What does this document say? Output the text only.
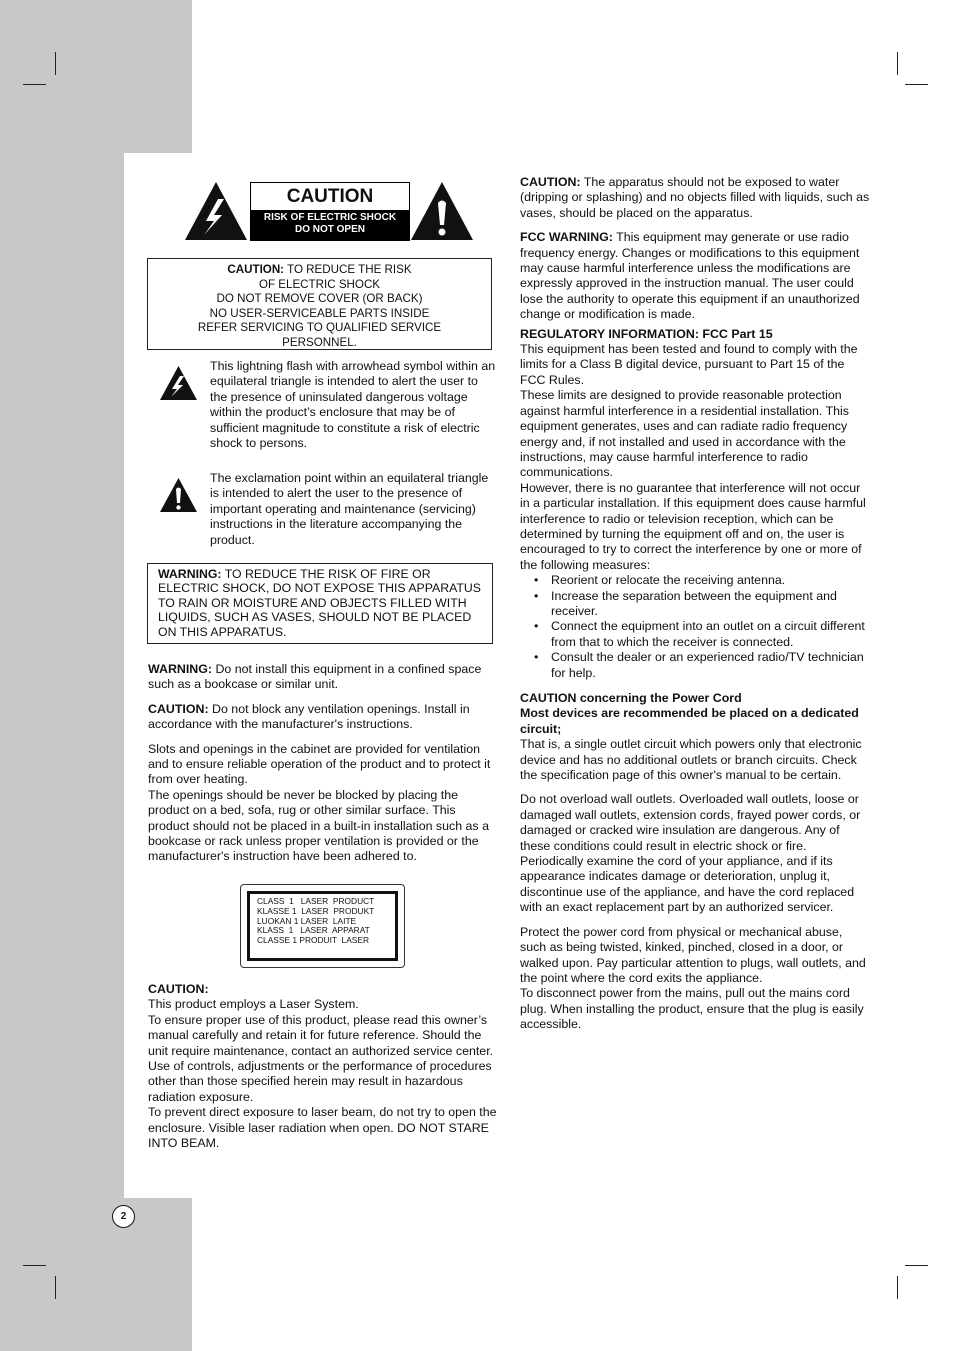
CAUTION
RISK OF ELECTRIC SHOCK
DO NOT OPEN
CAUTION: TO REDUCE THE RISK
OF ELECTRIC SHOCK
DO NOT REMOVE COVER (OR BACK)
NO USER-SERVICEABLE PARTS INSIDE
REFER SERVICING TO QUALIFIED SERVICE
PERSONNEL.

This lightning flash with arrowhead symbol within an equilateral triangle is intended to alert the user to the presence of uninsulated dangerous voltage within the product’s enclosure that may be of sufficient magnitude to constitute a risk of electric shock to persons.

The exclamation point within an equilateral triangle is intended to alert the user to the presence of important operating and maintenance (servicing) instructions in the literature accompanying the product.

WARNING: TO REDUCE THE RISK OF FIRE OR ELECTRIC SHOCK, DO NOT EXPOSE THIS APPARATUS TO RAIN OR MOISTURE AND OBJECTS FILLED WITH LIQUIDS, SUCH AS VASES, SHOULD NOT BE PLACED ON THIS APPARATUS.

WARNING: Do not install this equipment in a confined space such as a bookcase or similar unit.

CAUTION: Do not block any ventilation openings. Install in accordance with the manufacturer's instructions.

Slots and openings in the cabinet are provided for ventilation and to ensure reliable operation of the product and to protect it from over heating.

The openings should be never be blocked by placing the product on a bed, sofa, rug or other similar surface. This product should not be placed in a built-in installation such as a bookcase or rack unless proper ventilation is provided or the manufacturer's instruction have been adhered to.

CLASS  1   LASER  PRODUCT
KLASSE 1  LASER  PRODUKT
LUOKAN 1 LASER  LAITE
KLASS  1   LASER  APPARAT
CLASSE 1 PRODUIT  LASER

CAUTION:

This product employs a Laser System.

To ensure proper use of this product, please read this owner’s manual carefully and retain it for future reference. Should the unit require maintenance, contact an authorized service center.

Use of controls, adjustments or the performance of procedures other than those specified herein may result in hazardous radiation exposure.

To prevent direct exposure to laser beam, do not try to open the enclosure. Visible laser radiation when open. DO NOT STARE INTO BEAM.

CAUTION: The apparatus should not be exposed to water (dripping or splashing) and no objects filled with liquids, such as vases, should be placed on the apparatus.

FCC WARNING: This equipment may generate or use radio frequency energy. Changes or modifications to this equipment may cause harmful interference unless the modifications are expressly approved in the instruction manual. The user could lose the authority to operate this equipment if an unauthorized change or modification is made.

REGULATORY INFORMATION: FCC Part 15

This equipment has been tested and found to comply with the limits for a Class B digital device, pursuant to Part 15 of the FCC Rules.

These limits are designed to provide reasonable protection against harmful interference in a residential installation. This equipment generates, uses and can radiate radio frequency energy and, if not installed and used in accordance with the instructions, may cause harmful interference to radio communications.

However, there is no guarantee that interference will not occur in a particular installation. If this equipment does cause harmful interference to radio or television reception, which can be determined by turning the equipment off and on, the user is encouraged to try to correct the interference by one or more of the following measures:

• Reorient or relocate the receiving antenna.
• Increase the separation between the equipment and receiver.
• Connect the equipment into an outlet on a circuit different from that to which the receiver is connected.
• Consult the dealer or an experienced radio/TV technician for help.

CAUTION concerning the Power Cord

Most devices are recommended be placed on a dedicated circuit;

That is, a single outlet circuit which powers only that electronic device and has no additional outlets or branch circuits. Check the specification page of this owner's manual to be certain.

Do not overload wall outlets. Overloaded wall outlets, loose or damaged wall outlets, extension cords, frayed power cords, or damaged or cracked wire insulation are dangerous. Any of these conditions could result in electric shock or fire. Periodically examine the cord of your appliance, and if its appearance indicates damage or deterioration, unplug it, discontinue use of the appliance, and have the cord replaced with an exact replacement part by an authorized servicer.

Protect the power cord from physical or mechanical abuse, such as being twisted, kinked, pinched, closed in a door, or walked upon. Pay particular attention to plugs, wall outlets, and the point where the cord exits the appliance.

To disconnect power from the mains, pull out the mains cord plug. When installing the product, ensure that the plug is easily accessible.

2
